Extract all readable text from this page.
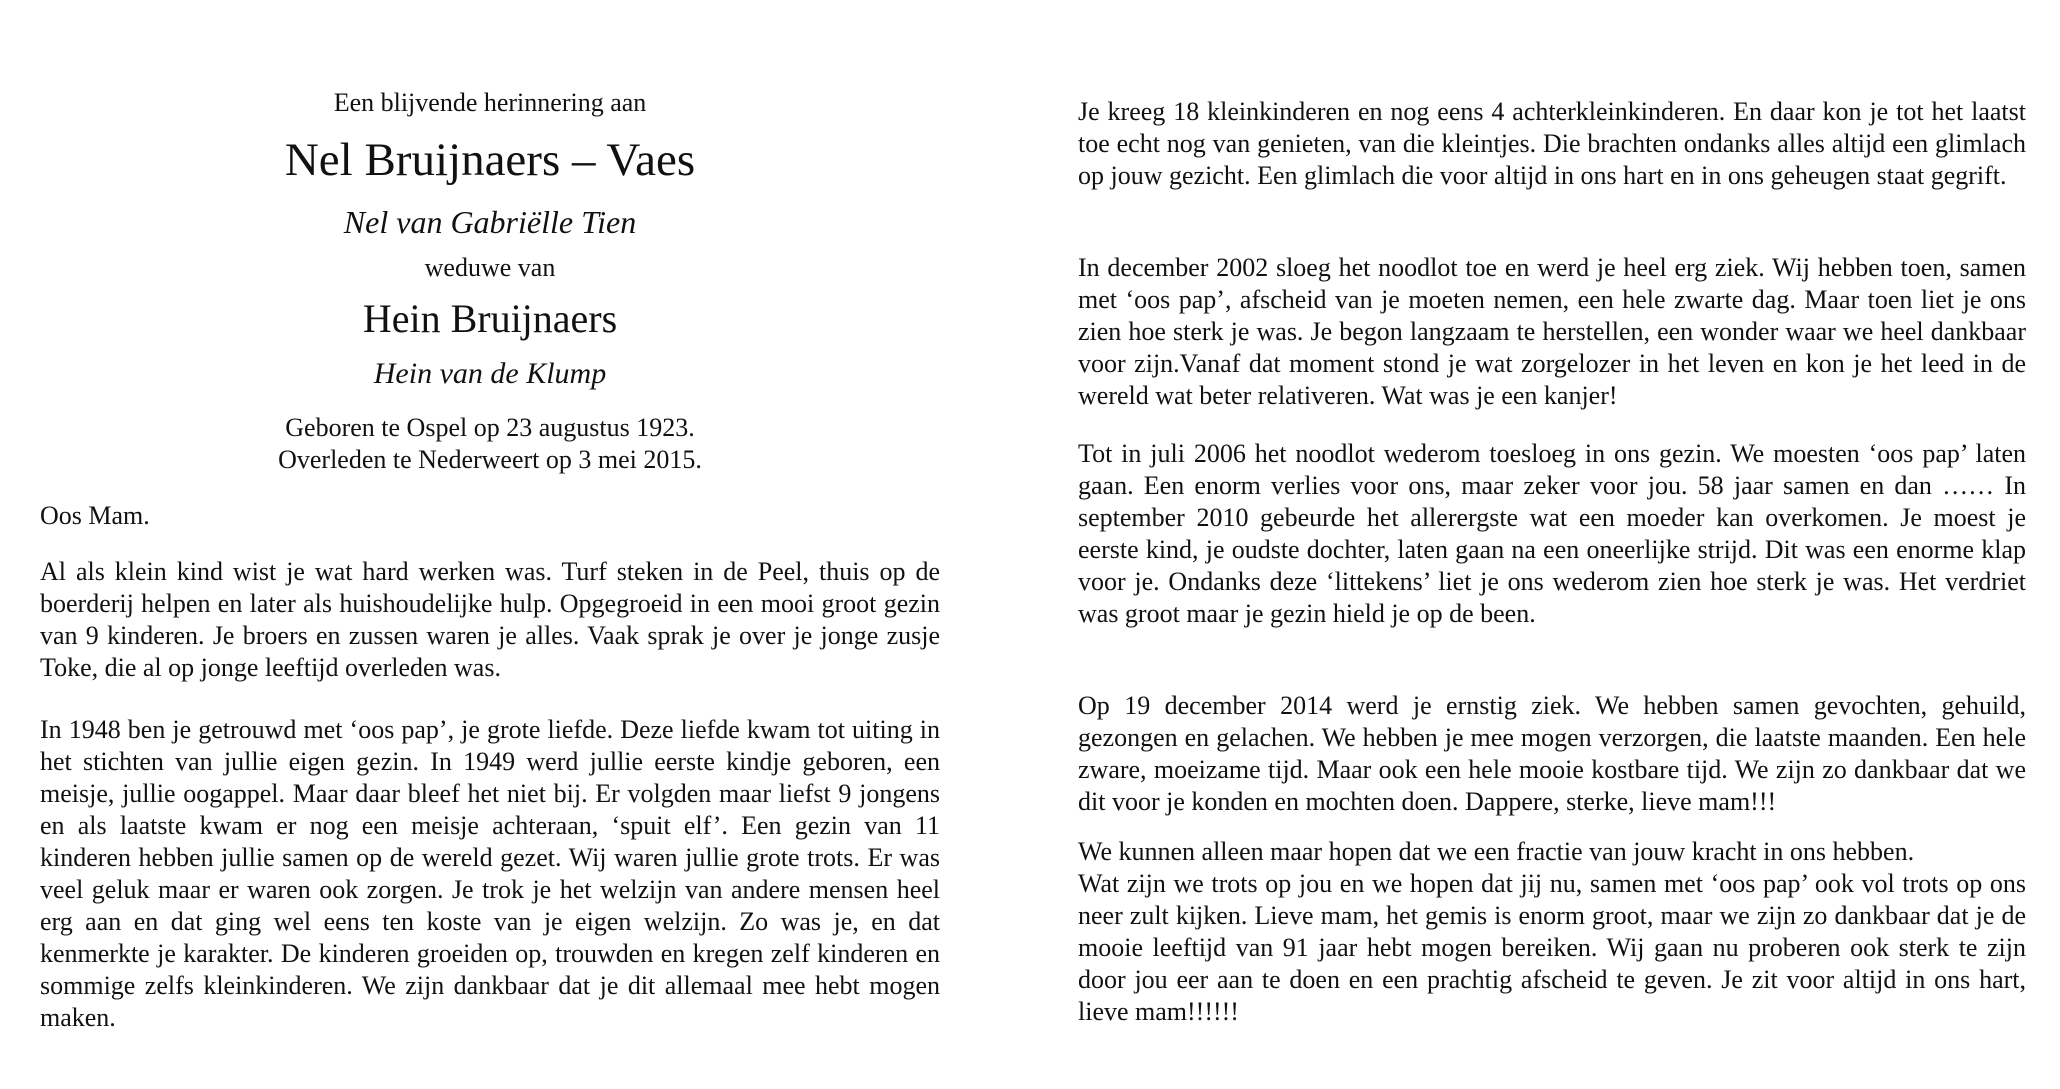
Een blijvende herinnering aan
Nel Bruijnaers – Vaes
Nel van Gabriëlle Tien
weduwe van
Hein Bruijnaers
Hein van de Klump
Geboren te Ospel op 23 augustus 1923.
Overleden te Nederweert op 3 mei 2015.
Oos Mam.

Al als klein kind wist je wat hard werken was. Turf steken in de Peel, thuis op de boerderij helpen en later als huishoudelijke hulp. Opgegroeid in een mooi groot gezin van 9 kinderen. Je broers en zussen waren je alles. Vaak sprak je over je jonge zusje Toke, die al op jonge leeftijd overleden was.

In 1948 ben je getrouwd met ‘oos pap’, je grote liefde. Deze liefde kwam tot uiting in het stichten van jullie eigen gezin. In 1949 werd jullie eerste kindje geboren, een meisje, jullie oogappel. Maar daar bleef het niet bij. Er volgden maar liefst 9 jongens en als laatste kwam er nog een meisje achteraan, ‘spuit elf’. Een gezin van 11 kinderen hebben jullie samen op de wereld gezet. Wij waren jullie grote trots. Er was veel geluk maar er waren ook zorgen. Je trok je het welzijn van andere mensen heel erg aan en dat ging wel eens ten koste van je eigen welzijn. Zo was je, en dat kenmerkte je karakter. De kinderen groeiden op, trouwden en kregen zelf kinderen en sommige zelfs kleinkinderen. We zijn dankbaar dat je dit allemaal mee hebt mogen maken.

Je kreeg 18 kleinkinderen en nog eens 4 achterkleinkinderen. En daar kon je tot het laatst toe echt nog van genieten, van die kleintjes. Die brachten ondanks alles altijd een glimlach op jouw gezicht. Een glimlach die voor altijd in ons hart en in ons geheugen staat gegrift.

In december 2002 sloeg het noodlot toe en werd je heel erg ziek. Wij hebben toen, samen met ‘oos pap’, afscheid van je moeten nemen, een hele zwarte dag. Maar toen liet je ons zien hoe sterk je was. Je begon langzaam te herstellen, een wonder waar we heel dankbaar voor zijn.Vanaf dat moment stond je wat zorgelozer in het leven en kon je het leed in de wereld wat beter relativeren. Wat was je een kanjer!

Tot in juli 2006 het noodlot wederom toesloeg in ons gezin. We moesten ‘oos pap’ laten gaan. Een enorm verlies voor ons, maar zeker voor jou. 58 jaar samen en dan …… In september 2010 gebeurde het allerergste wat een moeder kan overkomen. Je moest je eerste kind, je oudste dochter, laten gaan na een oneerlijke strijd. Dit was een enorme klap voor je. Ondanks deze ‘littekens’ liet je ons wederom zien hoe sterk je was. Het verdriet was groot maar je gezin hield je op de been.

Op 19 december 2014 werd je ernstig ziek. We hebben samen gevochten, gehuild, gezongen en gelachen. We hebben je mee mogen verzorgen, die laatste maanden. Een hele zware, moeizame tijd. Maar ook een hele mooie kostbare tijd. We zijn zo dankbaar dat we dit voor je konden en mochten doen. Dappere, sterke, lieve mam!!!

We kunnen alleen maar hopen dat we een fractie van jouw kracht in ons hebben.
Wat zijn we trots op jou en we hopen dat jij nu, samen met ‘oos pap’ ook vol trots op ons neer zult kijken. Lieve mam, het gemis is enorm groot, maar we zijn zo dankbaar dat je de mooie leeftijd van 91 jaar hebt mogen bereiken. Wij gaan nu proberen ook sterk te zijn door jou eer aan te doen en een prachtig afscheid te geven. Je zit voor altijd in ons hart, lieve mam!!!!!!
